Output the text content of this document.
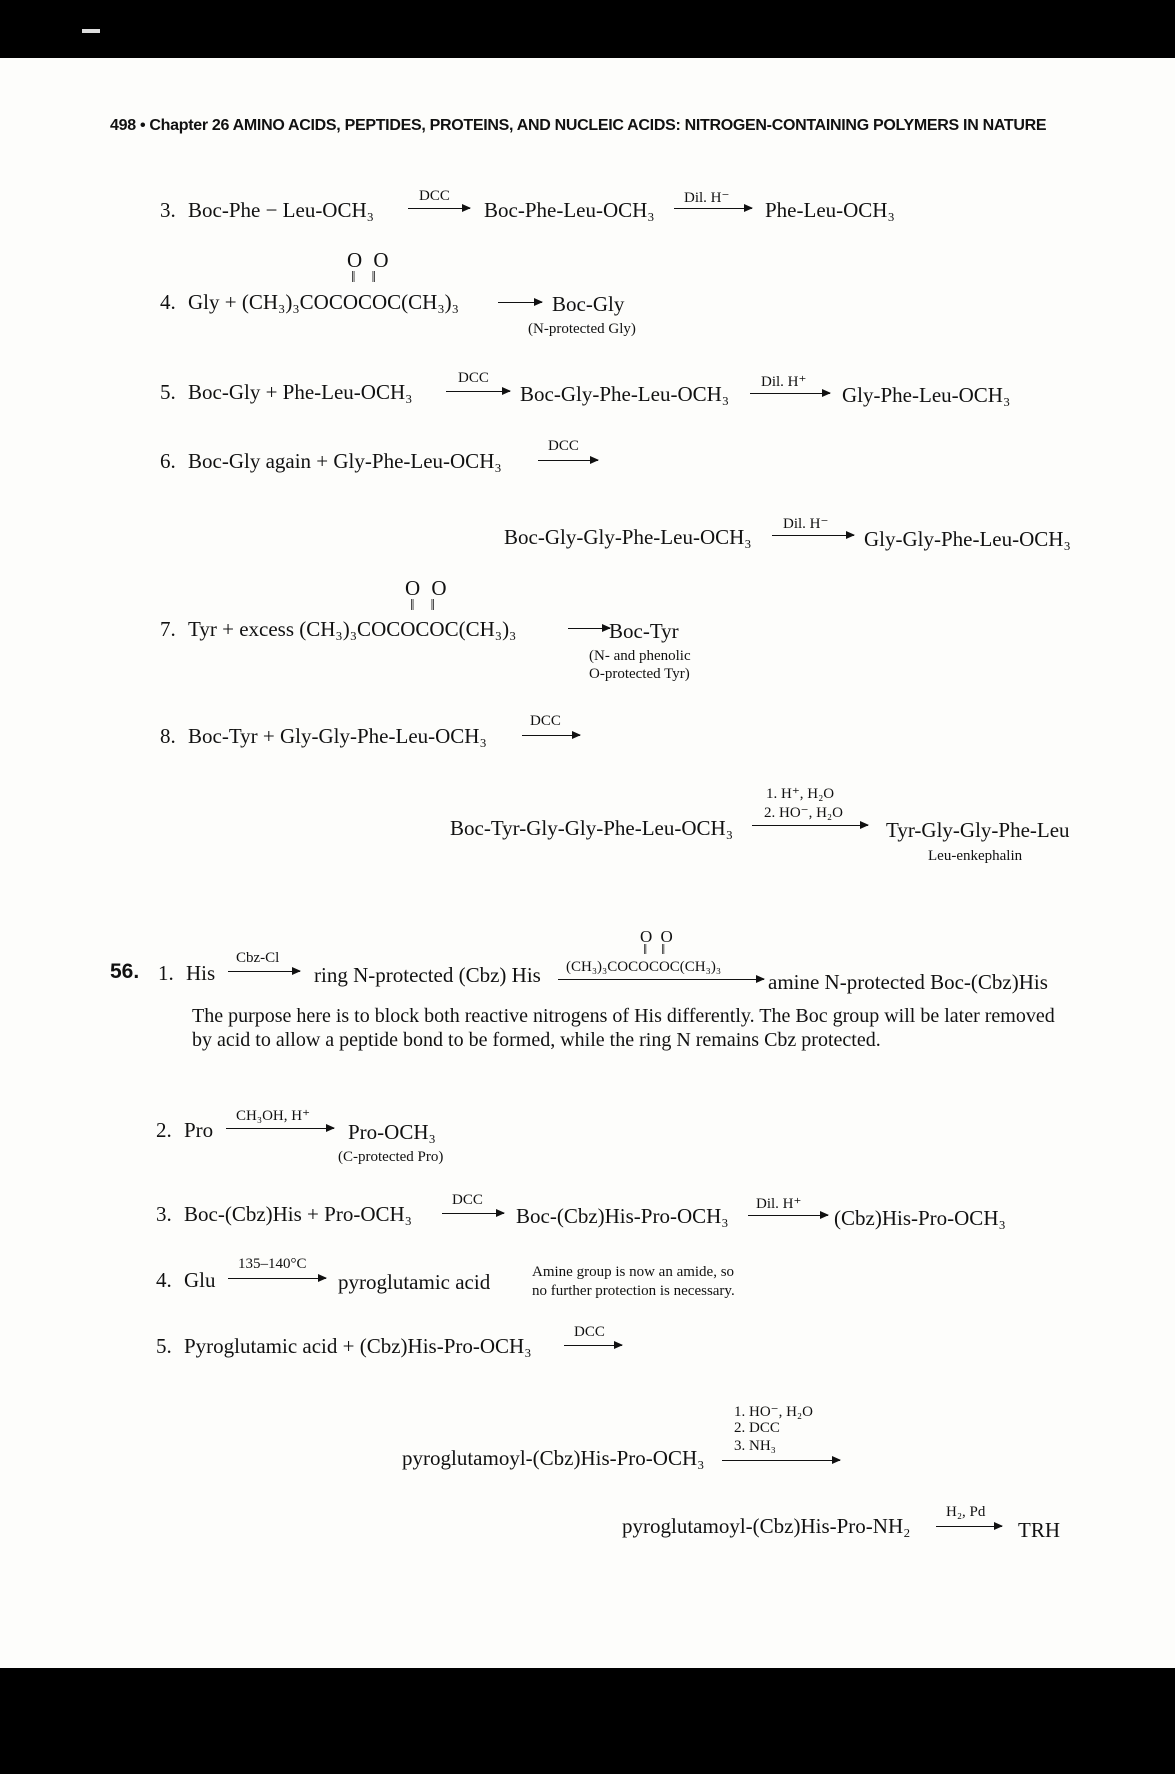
498 • Chapter 26 AMINO ACIDS, PEPTIDES, PROTEINS, AND NUCLEIC ACIDS: NITROGEN-CONTAINING POLYMERS IN NATURE
3. Boc-Phe − Leu-OCH₃
DCC
→ Boc-Phe-Leu-OCH₃ Dil. H⁻ Phe-Leu-OCH₃
O O
‖ ‖
4. Gly + (CH₃)₃COCOCOC(CH₃)₃ → Boc-Gly
(N-protected Gly)
5. Boc-Gly + Phe-Leu-OCH₃
DCC
→ Boc-Gly-Phe-Leu-OCH₃ Dil. H⁺
Gly-Phe-Leu-OCH₃
6. Boc-Gly again + Gly-Phe-Leu-OCH₃
DCC
Boc-Gly-Gly-Phe-Leu-OCH₃
Dil. H⁻
Gly-Gly-Phe-Leu-OCH₃
O O
‖ ‖
7. Tyr + excess (CH₃)₃COCOCOC(CH₃)₃	→ Boc-Tyr
(N- and phenolic
O-protected Tyr)
8. Boc-Tyr + Gly-Gly-Phe-Leu-OCH₃
DCC
Boc-Tyr-Gly-Gly-Phe-Leu-OCH₃
1. H⁺, H₂O
2. HO⁻, H₂O
Tyr-Gly-Gly-Phe-Leu
Leu-enkephalin
O O
‖ ‖
56. 1. His
Cbz-Cl
ring N-protected (Cbz) His (CH₃)₃COCOCOC(CH₃)₃
amine N-protected Boc-(Cbz)His
The purpose here is to block both reactive nitrogens of His differently. The Boc group will be later removed by acid to allow a peptide bond to be formed, while the ring N remains Cbz protected.
2. Pro
CH₃OH, H⁺
Pro-OCH₃
(C-protected Pro)
3. Boc-(Cbz)His + Pro-OCH₃
DCC
→ Boc-(Cbz)His-Pro-OCH₃ Dil. H⁺
(Cbz)His-Pro-OCH₃
4. Glu
135–140°C
pyroglutamic acid	Amine group is now an amide, so
no further protection is necessary.
5. Pyroglutamic acid + (Cbz)His-Pro-OCH₃
DCC
1. HO⁻, H₂O
2. DCC
3. NH₃
pyroglutamoyl-(Cbz)His-Pro-OCH₃
pyroglutamoyl-(Cbz)His-Pro-NH₂
H₂, Pd
TRH
